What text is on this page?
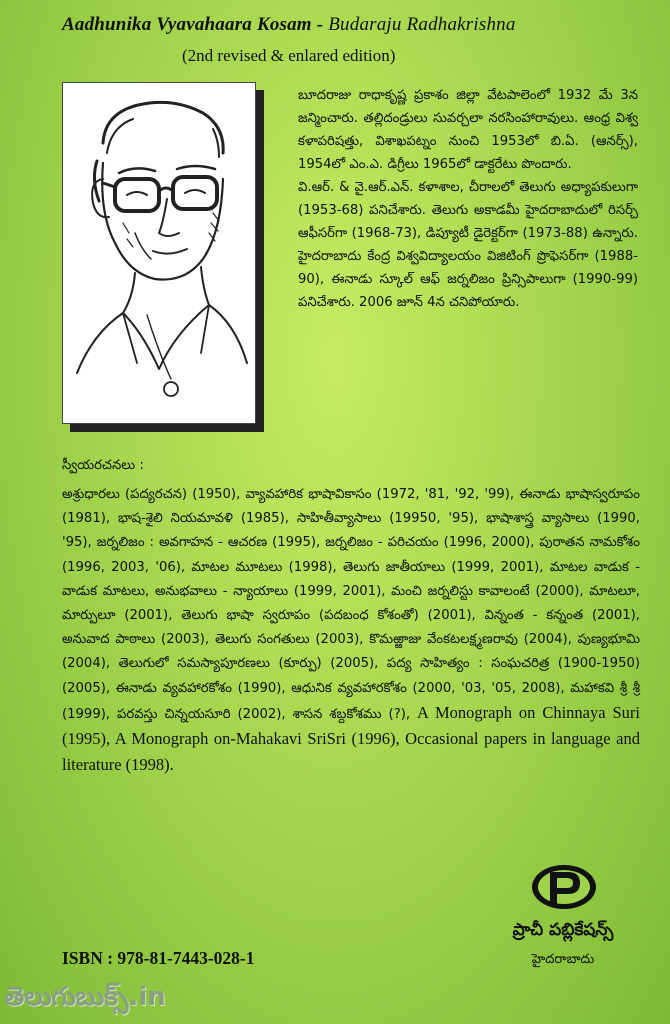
Aadhunika Vyavahaara Kosam - Budaraju Radhakrishna
(2nd revised & enlared edition)

బూదరాజు రాధాకృష్ణ ప్రకాశం జిల్లా వేటపాలెంలో 1932 మే 3న జన్మించారు. తల్లిదండ్రులు సువర్చలా నరసింహారావులు. ఆంధ్ర విశ్వ కళాపరిషత్తు, విశాఖపట్నం నుంచి 1953లో బి.ఏ. (ఆనర్స్), 1954లో ఎం.ఎ. డిగ్రీలు 1965లో డాక్టరేటు పొందారు.

వి.ఆర్. & వై.ఆర్.ఎన్. కళాశాల, చీరాలలో తెలుగు అధ్యాపకులుగా (1953-68) పనిచేశారు. తెలుగు అకాడమీ హైదరాబాదులో రిసర్చ్ ఆఫీసర్‌గా (1968-73), డిప్యూటీ డైరెక్టర్‌గా (1973-88) ఉన్నారు. హైదరాబాదు కేంద్ర విశ్వవిద్యాలయం విజిటింగ్ ప్రొఫెసర్‌గా (1988-90), ఈనాడు స్కూల్ ఆఫ్ జర్నలిజం ప్రిన్సిపాలుగా (1990-99) పనిచేశారు. 2006 జూన్ 4న చనిపోయారు.

స్వీయరచనలు :
అశ్రుధారలు (పద్యరచన) (1950), వ్యావహారిక భాషావికాసం (1972, '81, '92, '99), ఈనాడు భాషాస్వరూపం (1981), భాష-శైలి నియమావళి (1985), సాహితీవ్యాసాలు (19950, '95), భాషాశాస్త్ర వ్యాసాలు (1990, '95), జర్నలిజం : అవగాహన - ఆచరణ (1995), జర్నలిజం - పరిచయం (1996, 2000), పురాతన నామకోశం (1996, 2003, '06), మాటల మూటలు (1998), తెలుగు జాతీయాలు (1999, 2001), మాటల వాడుక - వాడుక మాటలు, అనుభవాలు - న్యాయాలు (1999, 2001), మంచి జర్నలిస్టు కావాలంటే (2000), మాటలూ, మార్పులూ (2001), తెలుగు భాషా స్వరూపం (పదబంధ కోశంతో) (2001), విన్నంత - కన్నంత (2001), అనువాద పాఠాలు (2003), తెలుగు సంగతులు (2003), కొమఱ్ఱాజు వేంకటలక్ష్మణరావు (2004), పుణ్యభూమి (2004), తెలుగులో సమస్యాపూరణలు (కూర్పు) (2005), పద్య సాహిత్యం : సంఘచరిత్ర (1900-1950) (2005), ఈనాడు వ్యవహారకోశం (1990), ఆధునిక వ్యవహారకోశం (2000, '03, '05, 2008), మహాకవి శ్రీ శ్రీ (1999), పరవస్తు చిన్నయసూరి (2002), శాసన శబ్దకోశము (?), A Monograph on Chinnaya Suri (1995), A Monograph on-Mahakavi SriSri (1996), Occasional papers in language and literature (1998).
ప్రాచీ పబ్లికేషన్స్
హైదరాబాదు
ISBN : 978-81-7443-028-1
తెలుగుబుక్స్.in
